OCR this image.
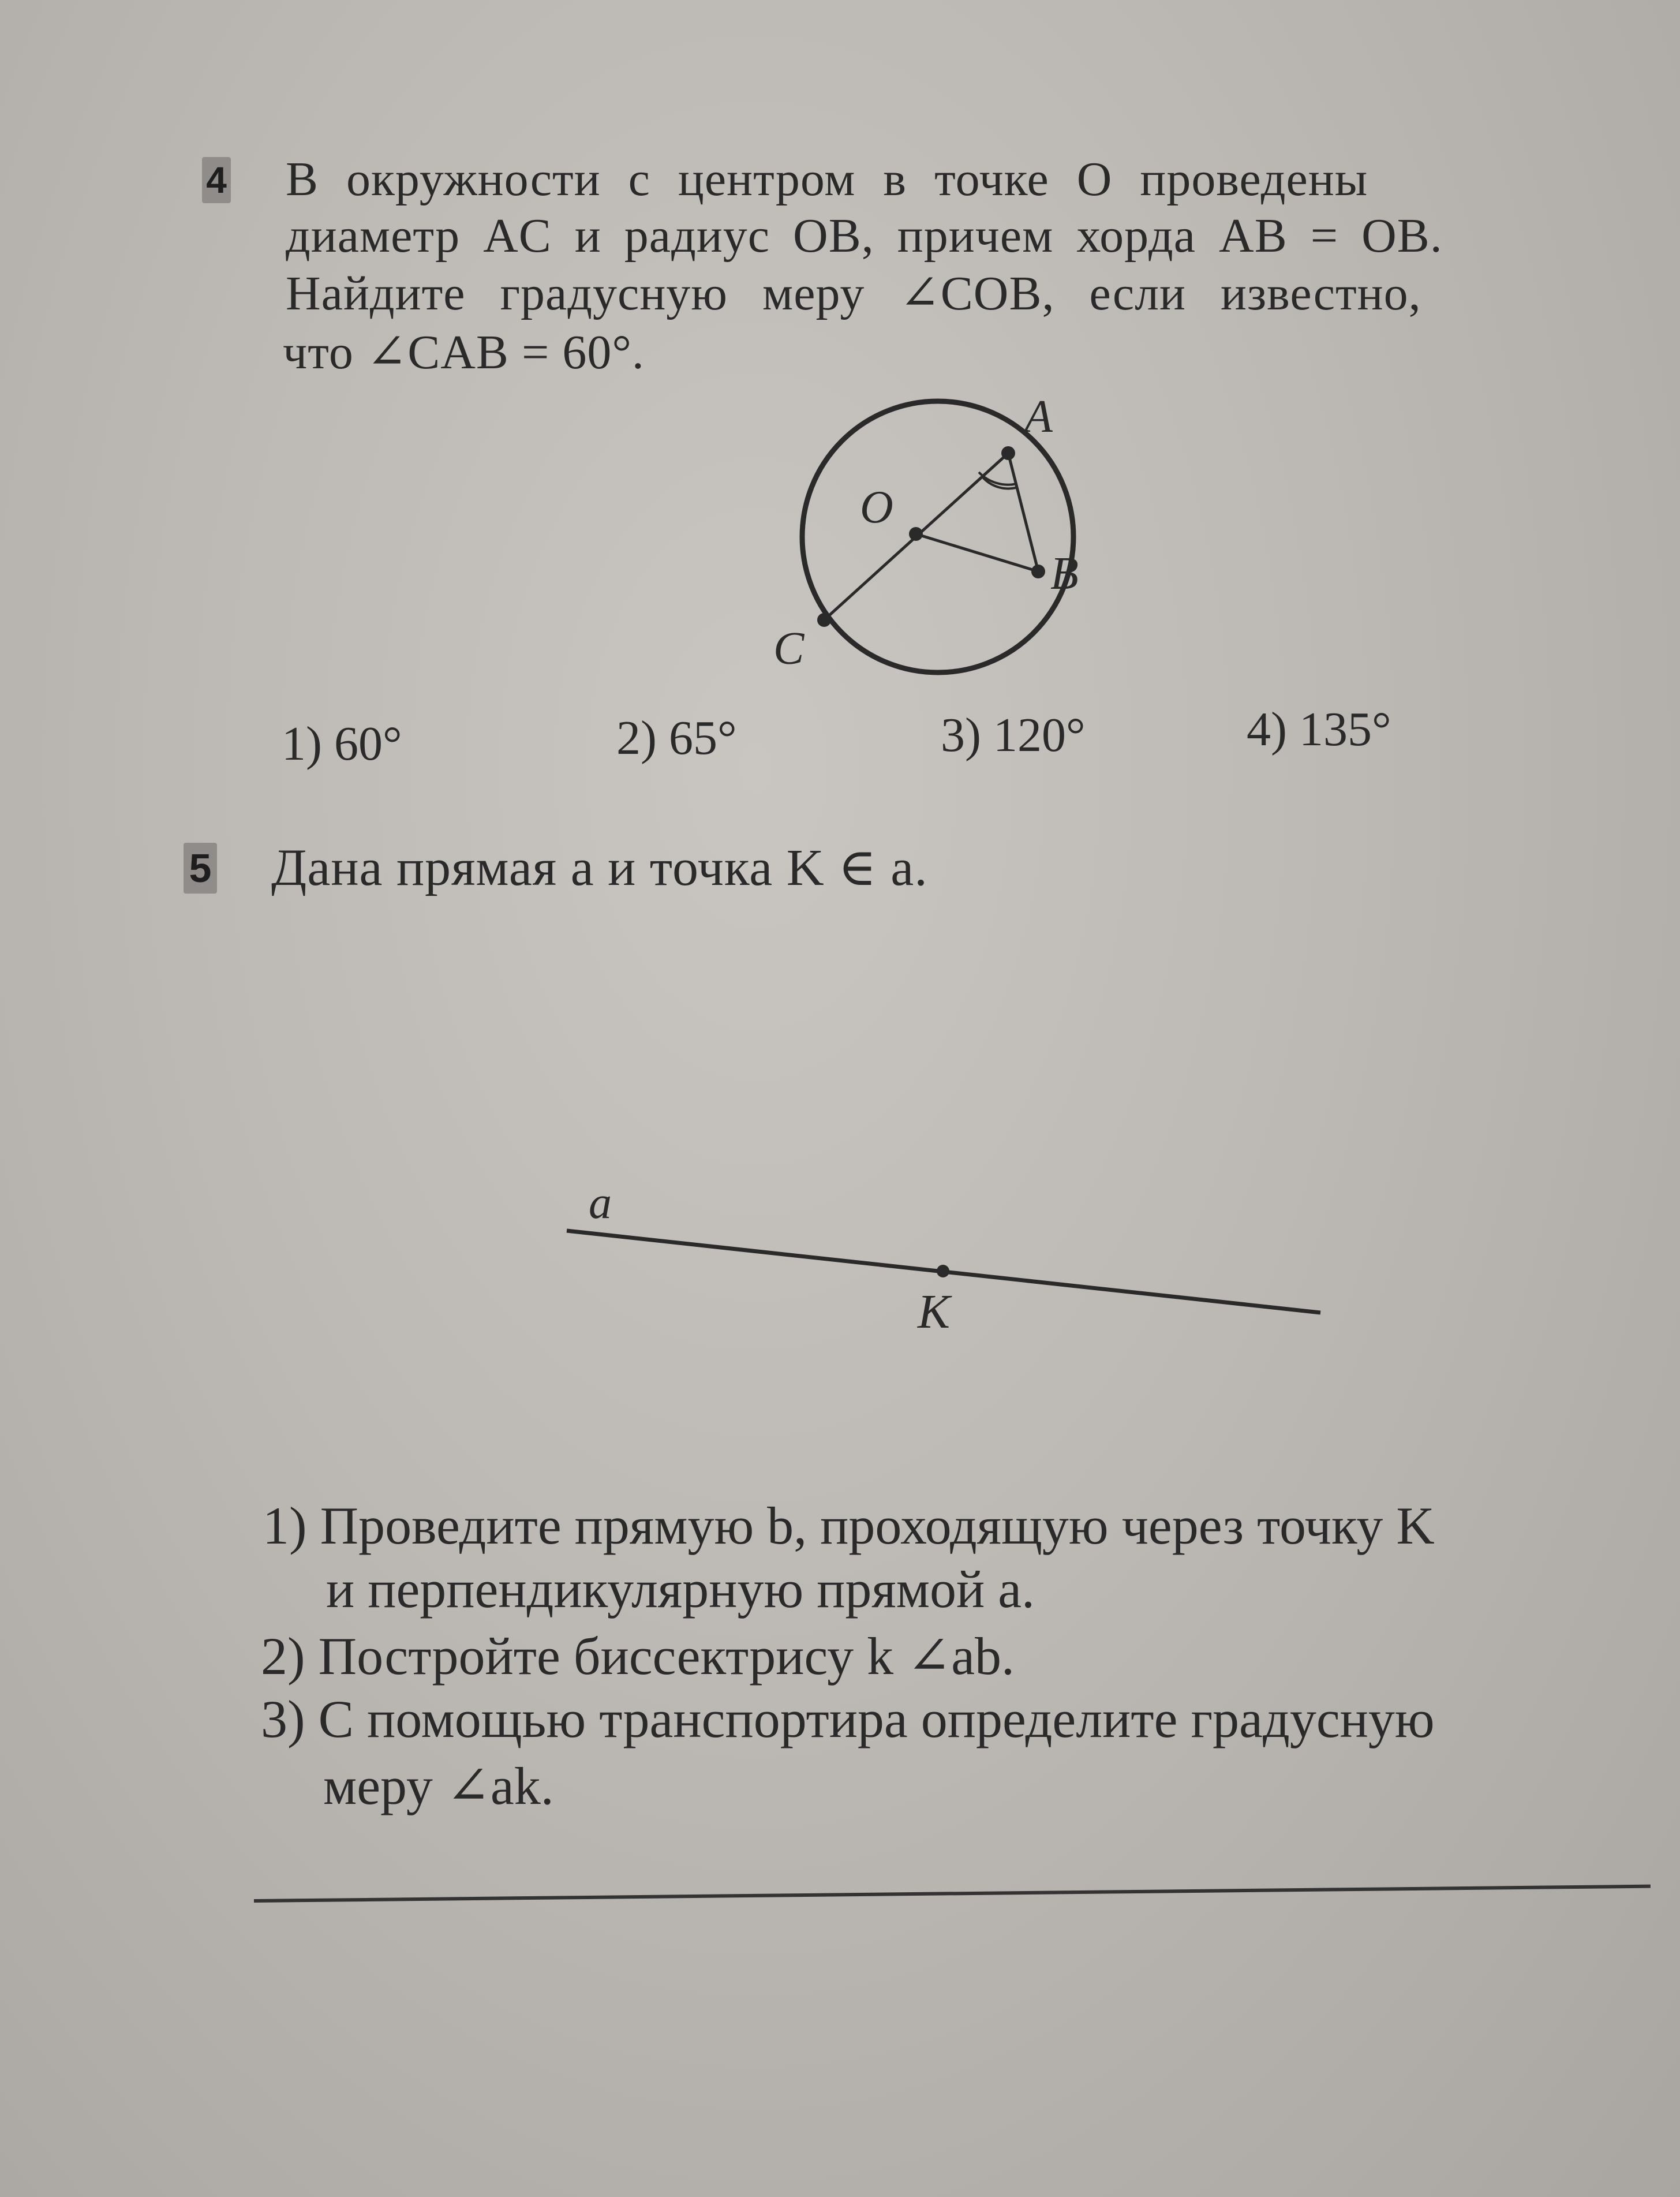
4 В окружности с центром в точке O проведены
диаметр AC и радиус OB, причем хорда AB = OB.
Найдите градусную меру ∠COB, если известно,
что ∠CAB = 60°.
A
O
B
C
1) 60°	2) 65°	3) 120°	4) 135°
5 Дана прямая a и точка K ∈ a.
a
K
1) Проведите прямую b, проходящую через точку K
и перпендикулярную прямой a.
2) Постройте биссектрису k ∠ab.
3) С помощью транспортира определите градусную
меру ∠ak.
